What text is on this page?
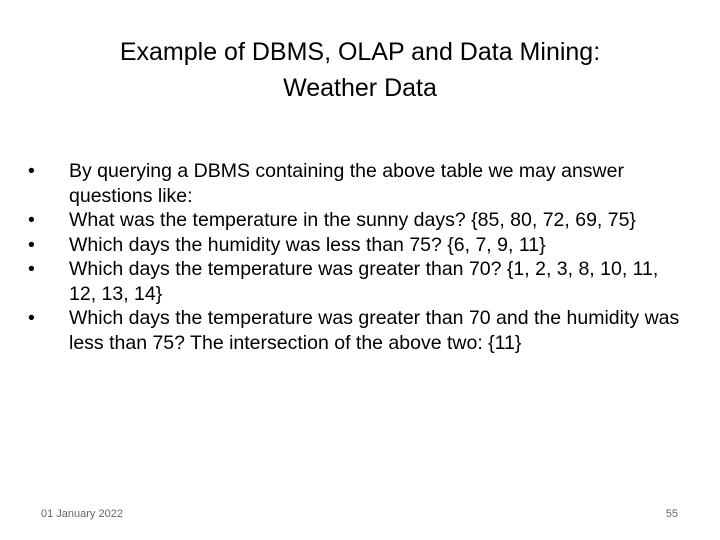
Example of DBMS, OLAP and Data Mining:
Weather Data
•	By querying a DBMS containing the above table we may answer questions like:
•	What was the temperature in the sunny days? {85, 80, 72, 69, 75}
•	Which days the humidity was less than 75? {6, 7, 9, 11}
•	Which days the temperature was greater than 70? {1, 2, 3, 8, 10, 11, 12, 13, 14}
•	Which days the temperature was greater than 70 and the humidity was less than 75? The intersection of the above two: {11}
01 January 2022	55
